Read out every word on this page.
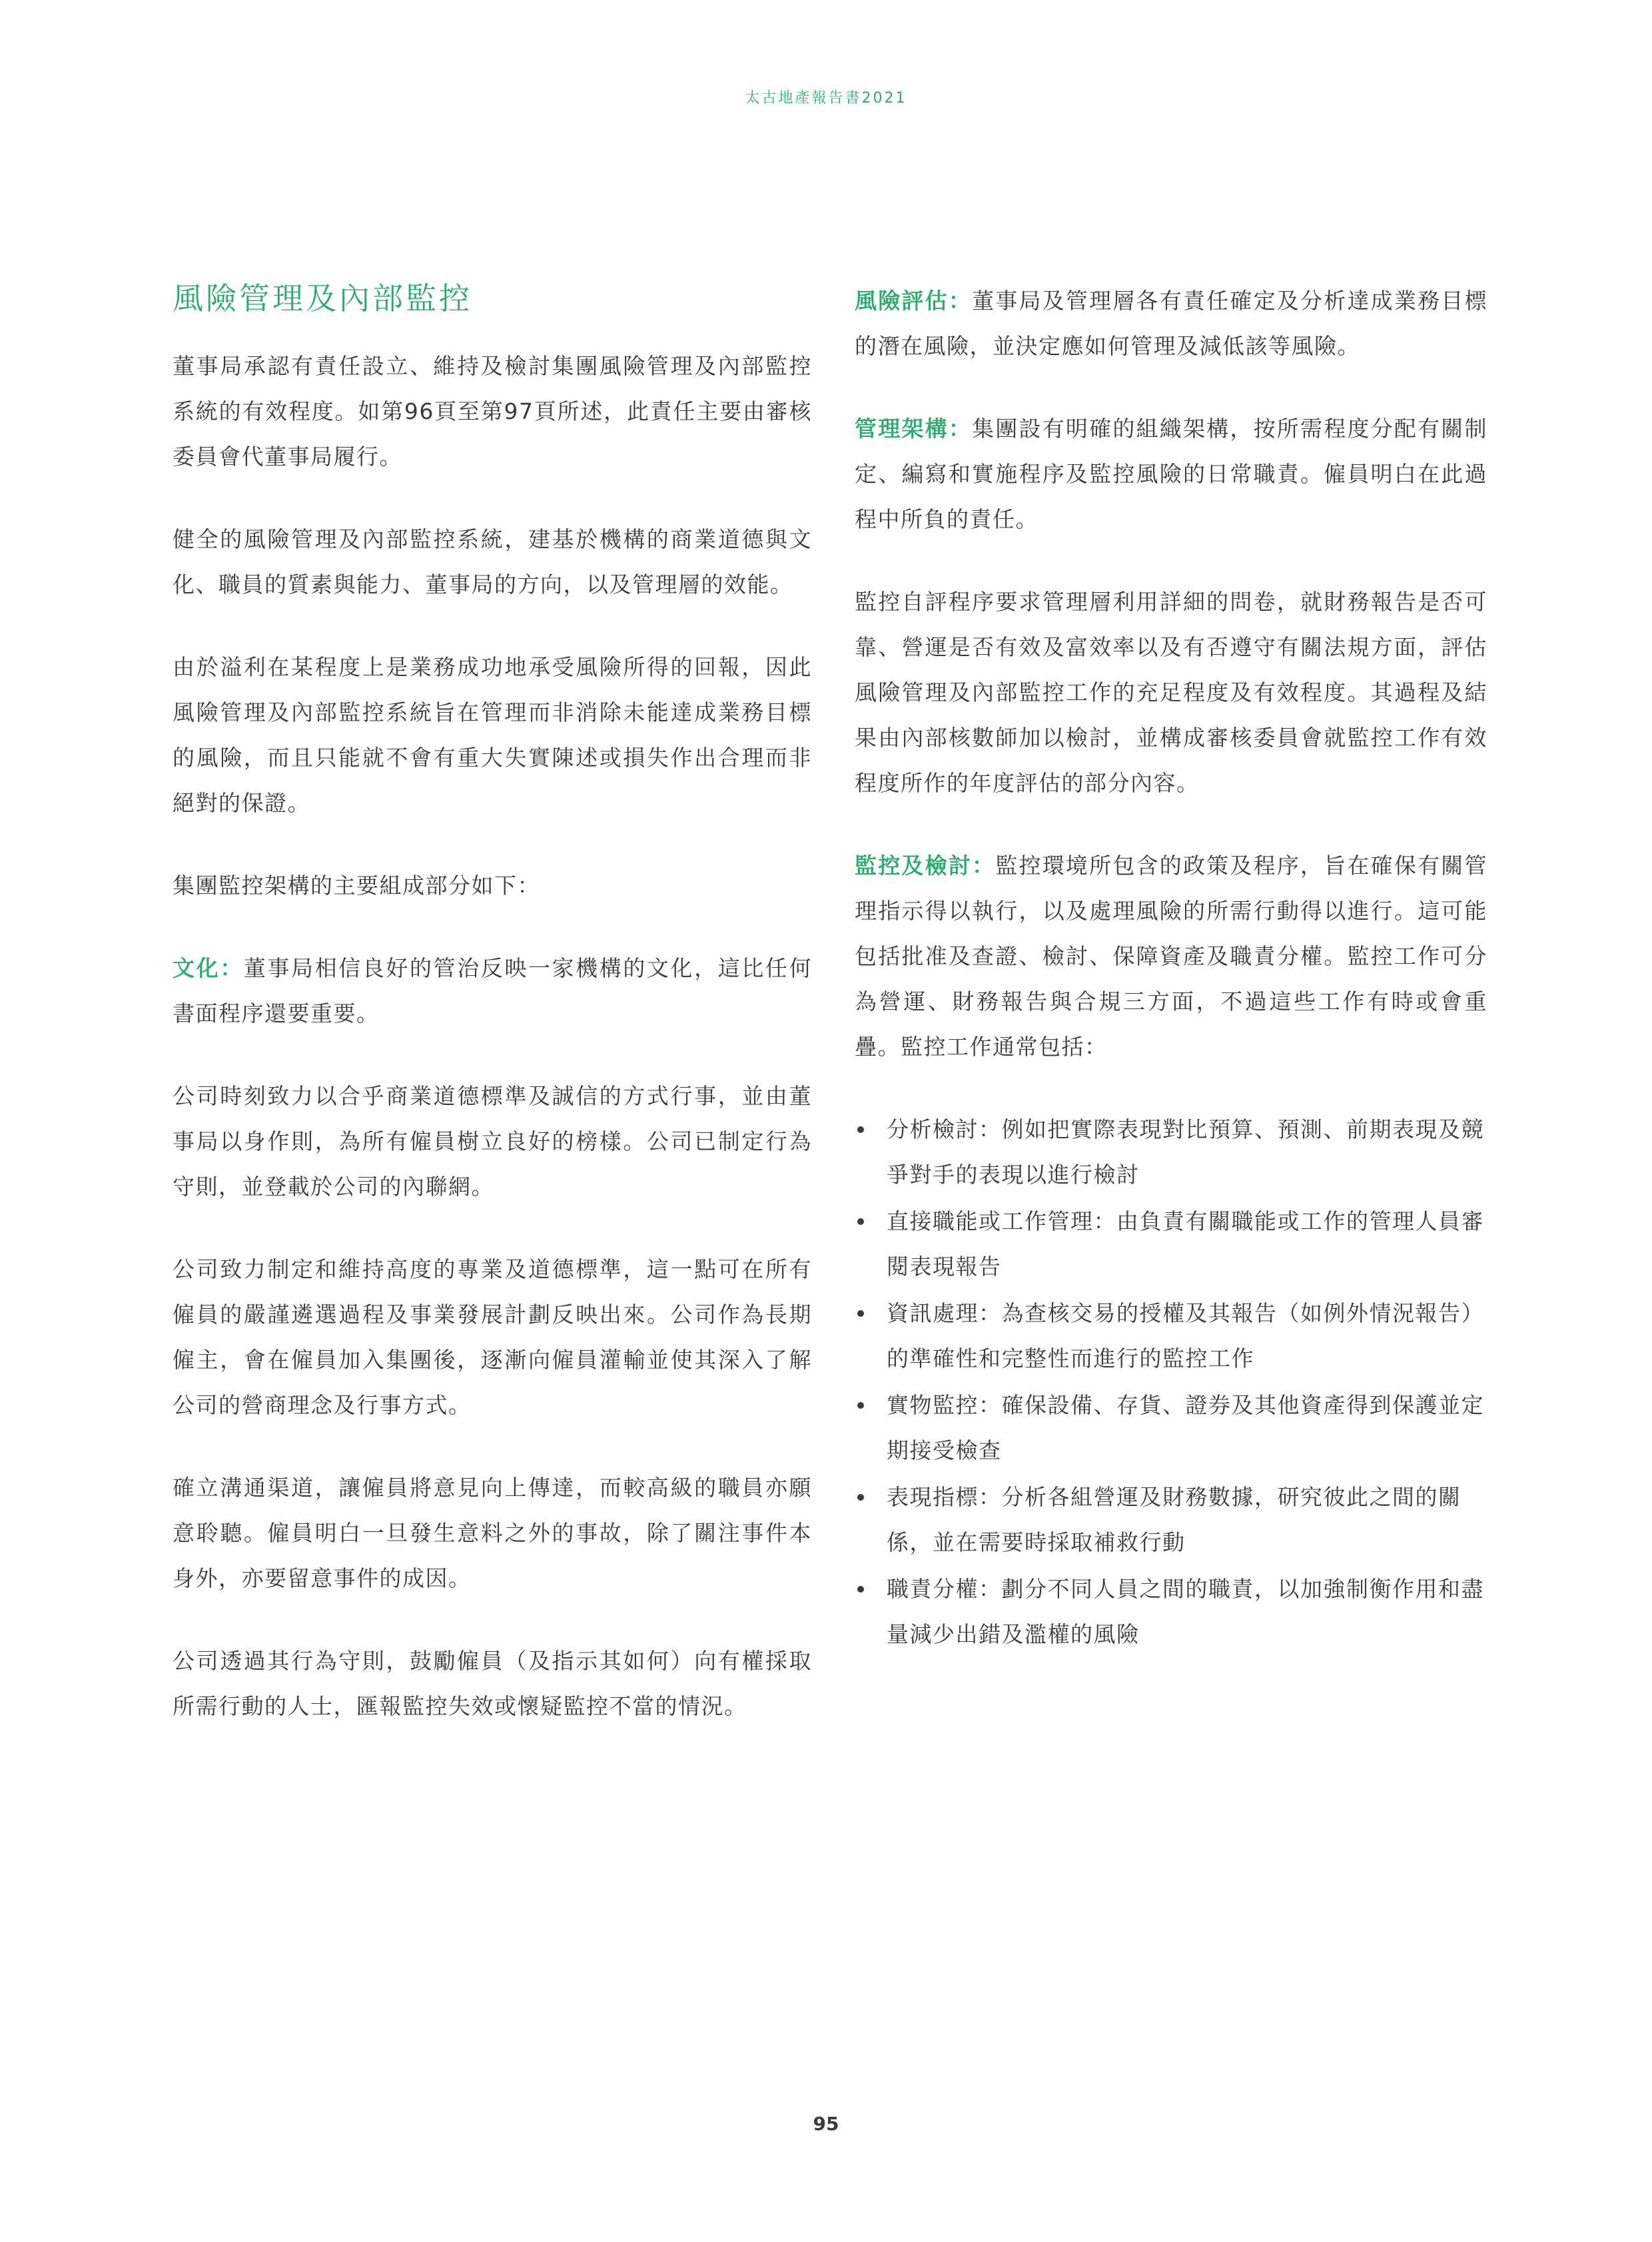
太古地產報告書2021
風險管理及內部監控

董事局承認有責任設立、維持及檢討集團風險管理及內部監控系統的有效程度。如第96頁至第97頁所述，此責任主要由審核委員會代董事局履行。

健全的風險管理及內部監控系統，建基於機構的商業道德與文化、職員的質素與能力、董事局的方向，以及管理層的效能。

由於溢利在某程度上是業務成功地承受風險所得的回報，因此風險管理及內部監控系統旨在管理而非消除未能達成業務目標的風險，而且只能就不會有重大失實陳述或損失作出合理而非絕對的保證。

集團監控架構的主要組成部分如下：

文化：董事局相信良好的管治反映一家機構的文化，這比任何書面程序還要重要。

公司時刻致力以合乎商業道德標準及誠信的方式行事，並由董事局以身作則，為所有僱員樹立良好的榜樣。公司已制定行為守則，並登載於公司的內聯網。

公司致力制定和維持高度的專業及道德標準，這一點可在所有僱員的嚴謹遴選過程及事業發展計劃反映出來。公司作為長期僱主，會在僱員加入集團後，逐漸向僱員灌輸並使其深入了解公司的營商理念及行事方式。

確立溝通渠道，讓僱員將意見向上傳達，而較高級的職員亦願意聆聽。僱員明白一旦發生意料之外的事故，除了關注事件本身外，亦要留意事件的成因。

公司透過其行為守則，鼓勵僱員（及指示其如何）向有權採取所需行動的人士，匯報監控失效或懷疑監控不當的情況。

風險評估：董事局及管理層各有責任確定及分析達成業務目標的潛在風險，並決定應如何管理及減低該等風險。

管理架構：集團設有明確的組織架構，按所需程度分配有關制定、編寫和實施程序及監控風險的日常職責。僱員明白在此過程中所負的責任。

監控自評程序要求管理層利用詳細的問卷，就財務報告是否可靠、營運是否有效及富效率以及有否遵守有關法規方面，評估風險管理及內部監控工作的充足程度及有效程度。其過程及結果由內部核數師加以檢討，並構成審核委員會就監控工作有效程度所作的年度評估的部分內容。

監控及檢討：監控環境所包含的政策及程序，旨在確保有關管理指示得以執行，以及處理風險的所需行動得以進行。這可能包括批准及查證、檢討、保障資產及職責分權。監控工作可分為營運、財務報告與合規三方面，不過這些工作有時或會重疊。監控工作通常包括：

分析檢討：例如把實際表現對比預算、預測、前期表現及競爭對手的表現以進行檢討
直接職能或工作管理：由負責有關職能或工作的管理人員審閱表現報告
資訊處理：為查核交易的授權及其報告（如例外情況報告）的準確性和完整性而進行的監控工作
實物監控：確保設備、存貨、證券及其他資產得到保護並定期接受檢查
表現指標：分析各組營運及財務數據，研究彼此之間的關係，並在需要時採取補救行動
職責分權：劃分不同人員之間的職責，以加強制衡作用和盡量減少出錯及濫權的風險
95
